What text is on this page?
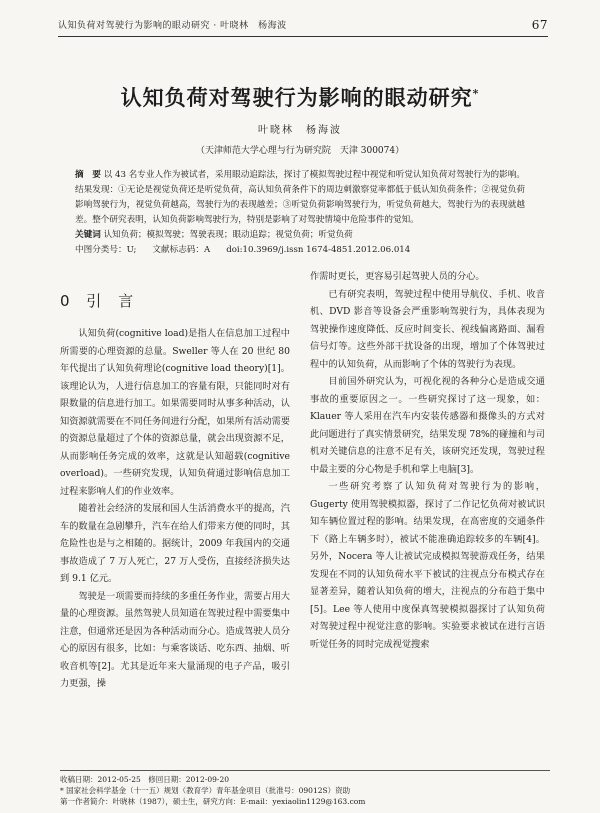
认知负荷对驾驶行为影响的眼动研究 · 叶晓林　杨海波	67
认知负荷对驾驶行为影响的眼动研究*
叶晓林　杨海波
（天津师范大学心理与行为研究院　天津 300074）
摘　要 以 43 名专业人作为被试者，采用眼动追踪法，探讨了模拟驾驶过程中视觉和听觉认知负荷对驾驶行为的影响。结果发现：①无论是视觉负荷还是听觉负荷，高认知负荷条件下的周边刺激察觉率都低于低认知负荷条件；②视觉负荷影响驾驶行为，视觉负荷越高，驾驶行为的表现越差；③听觉负荷影响驾驶行为，听觉负荷越大，驾驶行为的表现就越差。整个研究表明，认知负荷影响驾驶行为，特别是影响了对驾驶情境中危险事件的觉知。
关键词 认知负荷；模拟驾驶；驾驶表现；眼动追踪；视觉负荷；听觉负荷
中图分类号：U; 文献标志码：A doi:10.3969/j.issn 1674-4851.2012.06.014
0 引 言

认知负荷(cognitive load)是指人在信息加工过程中所需要的心理资源的总量。Sweller 等人在 20 世纪 80 年代提出了认知负荷理论(cognitive load theory)[1]。该理论认为，人进行信息加工的容量有限，只能同时对有限数量的信息进行加工。如果需要同时从事多种活动，认知资源就需要在不同任务间进行分配，如果所有活动需要的资源总量超过了个体的资源总量，就会出现资源不足，从而影响任务完成的效率，这就是认知超载(cognitive overload)。一些研究发现，认知负荷通过影响信息加工过程来影响人们的作业效率。

随着社会经济的发展和国人生活消费水平的提高，汽车的数量在急剧攀升，汽车在给人们带来方便的同时，其危险性也是与之相随的。据统计，2009 年我国内的交通事故造成了 7 万人死亡，27 万人受伤，直接经济损失达到 9.1 亿元。

驾驶是一项需要而持续的多重任务作业，需要占用大量的心理资源。虽然驾驶人员知道在驾驶过程中需要集中注意，但通常还是因为各种活动而分心。造成驾驶人员分心的原因有很多，比如：与乘客谈话、吃东西、抽烟、听收音机等[2]。尤其是近年来大量涌现的电子产品，吸引力更强，操

作需时更长，更容易引起驾驶人员的分心。

已有研究表明，驾驶过程中使用导航仪、手机、收音机、DVD 影音等设备会严重影响驾驶行为，具体表现为驾驶操作速度降低、反应时间变长、视线偏离路面、漏看信号灯等。这些外部干扰设备的出现，增加了个体驾驶过程中的认知负荷，从而影响了个体的驾驶行为表现。

目前国外研究认为，可视化视的各种分心是造成交通事故的重要原因之一。一些研究探讨了这一现象，如：Klauer 等人采用在汽车内安装传感器和摄像头的方式对此问题进行了真实情景研究，结果发现 78%的碰撞和与司机对关键信息的注意不足有关，该研究还发现，驾驶过程中最主要的分心物是手机和掌上电脑[3]。

一些研究考察了认知负荷对驾驶行为的影响，Gugerty 使用驾驶模拟器，探讨了二作记忆负荷对被试识知车辆位置过程的影响。结果发现，在高密度的交通条件下（路上车辆多时），被试不能准确追踪较多的车辆[4]。另外，Nocera 等人让被试完成模拟驾驶游戏任务，结果发现在不同的认知负荷水平下被试的注视点分布模式存在显著差异，随着认知负荷的增大，注视点的分布趋于集中[5]。Lee 等人使用中度保真驾驶模拟器探讨了认知负荷对驾驶过程中视觉注意的影响。实验要求被试在进行言语听觉任务的同时完成视觉搜索

收稿日期：2012-05-25　修回日期：2012-09-20
* 国家社会科学基金（十一五）规划（教育学）青年基金项目（批准号：09012S）资助
第一作者简介：叶晓林（1987），硕士生，研究方向：E-mail：yexiaolin1129@163.com
